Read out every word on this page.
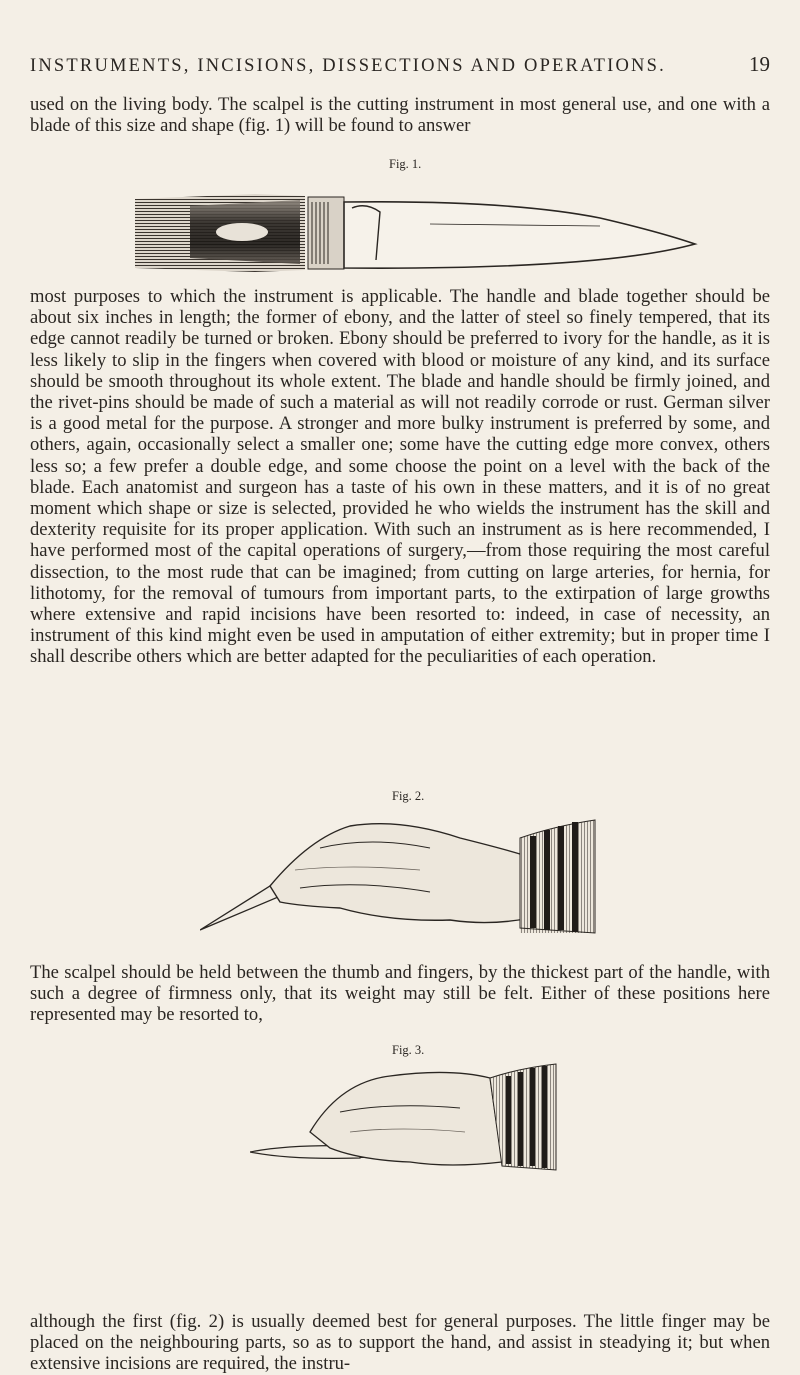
INSTRUMENTS, INCISIONS, DISSECTIONS AND OPERATIONS.	19

used on the living body. The scalpel is the cutting instrument in most general use, and one with a blade of this size and shape (fig. 1) will be found to answer

Fig. 1.

most purposes to which the instrument is applicable. The handle and blade together should be about six inches in length; the former of ebony, and the latter of steel so finely tempered, that its edge cannot readily be turned or broken. Ebony should be preferred to ivory for the handle, as it is less likely to slip in the fingers when covered with blood or moisture of any kind, and its surface should be smooth throughout its whole extent. The blade and handle should be firmly joined, and the rivet-pins should be made of such a material as will not readily corrode or rust. German silver is a good metal for the purpose. A stronger and more bulky instrument is preferred by some, and others, again, occasionally select a smaller one; some have the cutting edge more convex, others less so; a few prefer a double edge, and some choose the point on a level with the back of the blade. Each anatomist and surgeon has a taste of his own in these matters, and it is of no great moment which shape or size is selected, provided he who wields the instrument has the skill and dexterity requisite for its proper application. With such an instrument as is here recommended, I have performed most of the capital operations of surgery,—from those requiring the most careful dissection, to the most rude that can be imagined; from cutting on large arteries, for hernia, for lithotomy, for the removal of tumours from important parts, to the extirpation of large growths where extensive and rapid incisions have been resorted to: indeed, in case of necessity, an instrument of this kind might even be used in amputation of either extremity; but in proper time I shall describe others which are better adapted for the peculiarities of each operation.

Fig. 2.

The scalpel should be held between the thumb and fingers, by the thickest part of the handle, with such a degree of firmness only, that its weight may still be felt. Either of these positions here represented may be resorted to,

Fig. 3.

although the first (fig. 2) is usually deemed best for general purposes. The little finger may be placed on the neighbouring parts, so as to support the hand, and assist in steadying it; but when extensive incisions are required, the instru-
